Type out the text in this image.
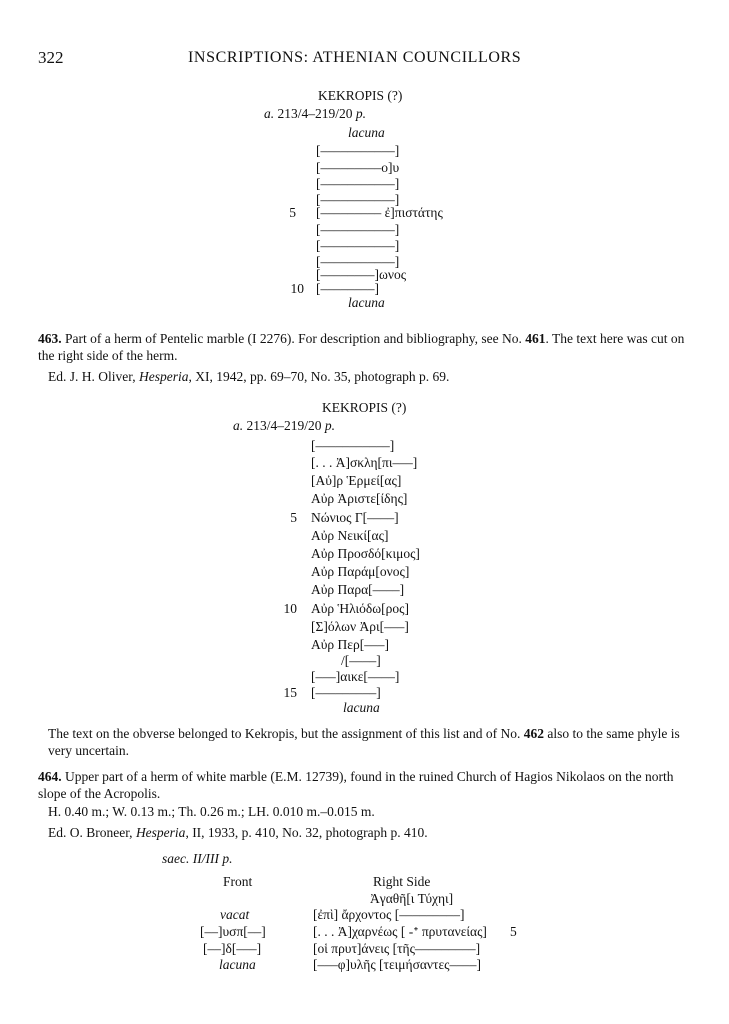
322	INSCRIPTIONS: ATHENIAN COUNCILLORS
KEKROPIS (?)
a. 213/4–219/20 p.
lacuna
[–––––––––––]
[–––––––––ο]υ
[–––––––––––]
[–––––––––––]
5 [––––––––– ἐ]πιστάτης
[–––––––––––]
[–––––––––––]
[–––––––––––]
[––––––––]ωνος
10 [––––––––]
lacuna
463. Part of a herm of Pentelic marble (I 2276). For description and bibliography, see No. 461. The text here was cut on the right side of the herm.
Ed. J. H. Oliver, Hesperia, XI, 1942, pp. 69–70, No. 35, photograph p. 69.
KEKROPIS (?)
a. 213/4–219/20 p.
[–––––––––––]
[. . . Ἀ]σκλη[πι–––]
[Αὐ]ρ Ἑρμεί[ας]
Αὐρ Ἀριστε[ίδης]
5 Νώνιος Γ[––––]
Αὐρ Νεικί[ας]
Αὐρ Προσδό[κιμος]
Αὐρ Παράμ[ονος]
Αὐρ Παρα[––––]
10 Αὐρ Ἡλιόδω[ρος]
[Σ]όλων Ἀρι[–––]
Αὐρ Περ[–––]
/[––––]
[–––]αικε[––––]
15 [–––––––––]
lacuna
The text on the obverse belonged to Kekropis, but the assignment of this list and of No. 462 also to the same phyle is very uncertain.
464. Upper part of a herm of white marble (E.M. 12739), found in the ruined Church of Hagios Nikolaos on the north slope of the Acropolis.
H. 0.40 m.; W. 0.13 m.; Th. 0.26 m.; LH. 0.010 m.–0.015 m.
Ed. O. Broneer, Hesperia, II, 1933, p. 410, No. 32, photograph p. 410.
saec. II/III p.
Front	Right Side
vacat
[––]υσπ[––]
[––]δ[–––]
lacuna
Ἀγαθῆ[ι Τύχηι]
[ἐπὶ] ἄρχοντος [–––––––––]
[. . . Ἀ]χαρνέως [ -ᐩ πρυτανείας] 5
[οἱ πρυτ]άνεις [τῆς–––––––––]
[–––φ]υλῆς [τειμήσαντες––––]
